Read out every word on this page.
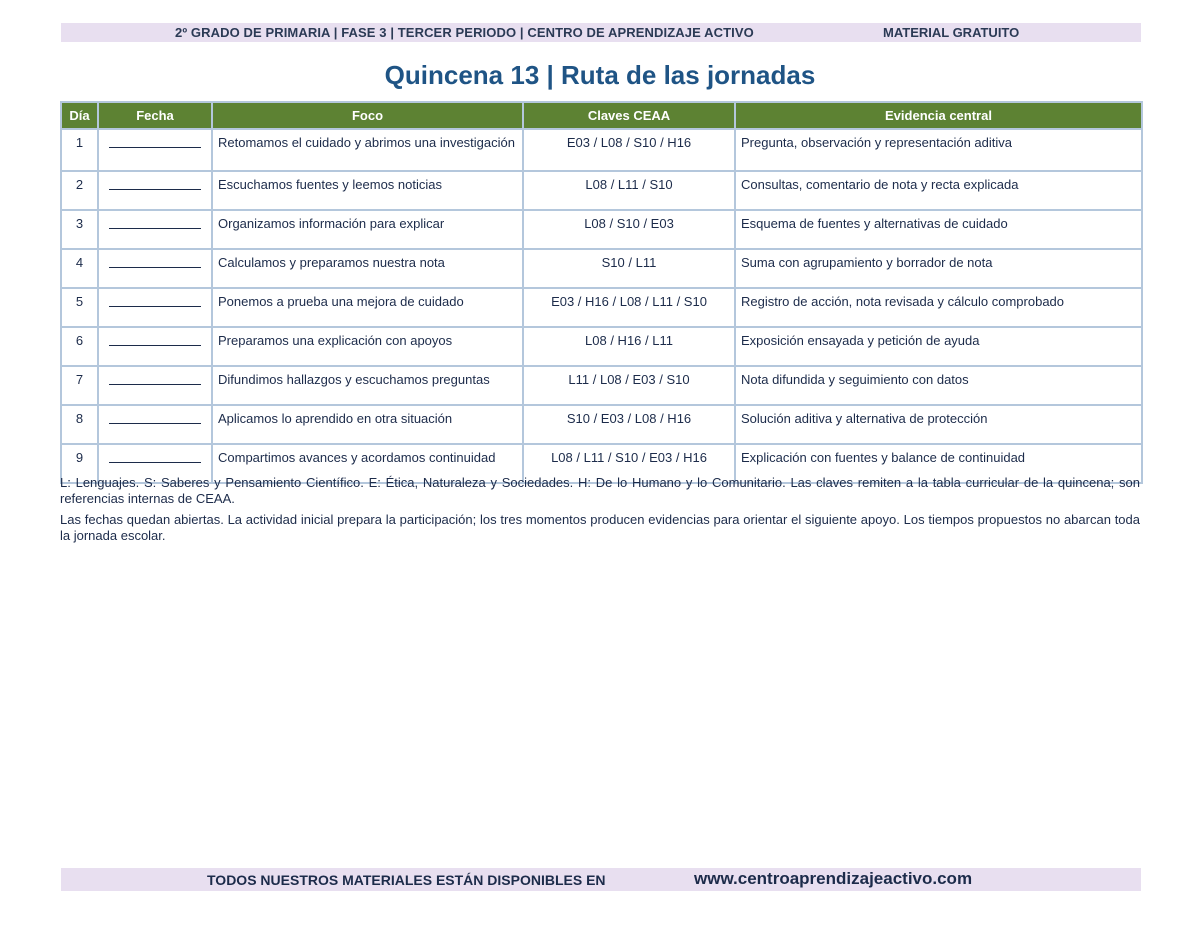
2º GRADO DE PRIMARIA | FASE 3 | TERCER PERIODO | CENTRO DE APRENDIZAJE ACTIVO	MATERIAL GRATUITO
Quincena 13 | Ruta de las jornadas
Día	Fecha	Foco	Claves CEAA	Evidencia central
1		Retomamos el cuidado y abrimos una investigación	E03 / L08 / S10 / H16	Pregunta, observación y representación aditiva
2		Escuchamos fuentes y leemos noticias	L08 / L11 / S10	Consultas, comentario de nota y recta explicada
3		Organizamos información para explicar	L08 / S10 / E03	Esquema de fuentes y alternativas de cuidado
4		Calculamos y preparamos nuestra nota	S10 / L11	Suma con agrupamiento y borrador de nota
5		Ponemos a prueba una mejora de cuidado	E03 / H16 / L08 / L11 / S10	Registro de acción, nota revisada y cálculo comprobado
6		Preparamos una explicación con apoyos	L08 / H16 / L11	Exposición ensayada y petición de ayuda
7		Difundimos hallazgos y escuchamos preguntas	L11 / L08 / E03 / S10	Nota difundida y seguimiento con datos
8		Aplicamos lo aprendido en otra situación	S10 / E03 / L08 / H16	Solución aditiva y alternativa de protección
9		Compartimos avances y acordamos continuidad	L08 / L11 / S10 / E03 / H16	Explicación con fuentes y balance de continuidad

L: Lenguajes. S: Saberes y Pensamiento Científico. E: Ética, Naturaleza y Sociedades. H: De lo Humano y lo Comunitario. Las claves remiten a la tabla curricular de la quincena; son referencias internas de CEAA.

Las fechas quedan abiertas. La actividad inicial prepara la participación; los tres momentos producen evidencias para orientar el siguiente apoyo. Los tiempos propuestos no abarcan toda la jornada escolar.

TODOS NUESTROS MATERIALES ESTÁN DISPONIBLES EN	www.centroaprendizajeactivo.com
